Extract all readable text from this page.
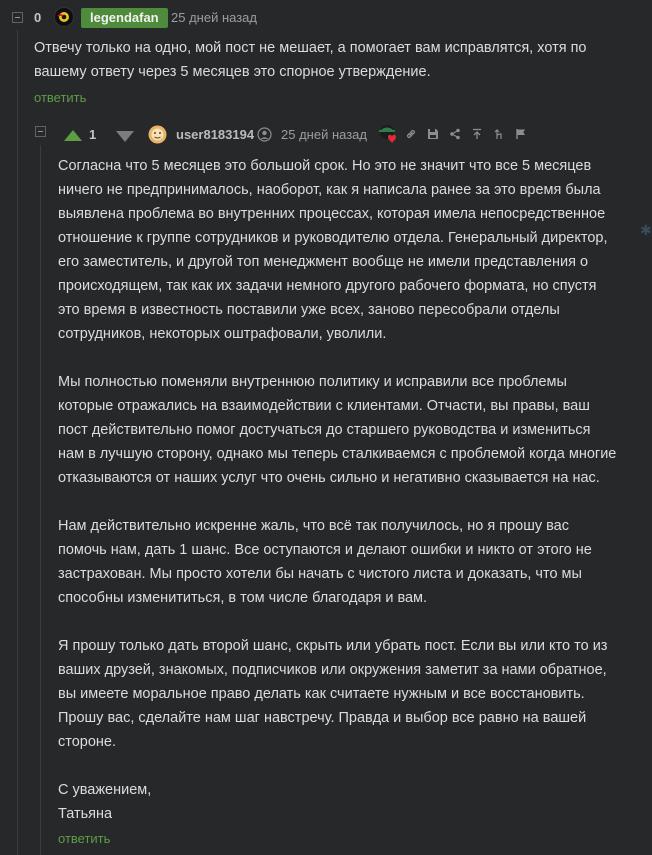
0	legendafan 25 дней назад
Отвечу только на одно, мой пост не мешает, а помогает вам исправлятся, хотя по вашему ответу через 5 месяцев это спорное утверждение.
ответить
1	user8183194 25 дней назад

Согласна что 5 месяцев это большой срок. Но это не значит что все 5 месяцев ничего не предпринималось, наоборот, как я написала ранее за это время была выявлена проблема во внутренних процессах, которая имела непосредственное отношение к группе сотрудников и руководителю отдела. Генеральный директор, его заместитель, и другой топ менеджмент вообще не имели представления о происходящем, так как их задачи немного другого рабочего формата, но спустя это время в известность поставили уже всех, заново пересобрали отделы сотрудников, некоторых оштрафовали, уволили.

Мы полностью поменяли внутреннюю политику и исправили все проблемы которые отражались на взаимодействии с клиентами. Отчасти, вы правы, ваш пост действительно помог достучаться до старшего руководства и измениться нам в лучшую сторону, однако мы теперь сталкиваемся с проблемой когда многие отказываются от наших услуг что очень сильно и негативно сказывается на нас.

Нам действительно искренне жаль, что всё так получилось, но я прошу вас помочь нам, дать 1 шанс. Все оступаются и делают ошибки и никто от этого не застрахован. Мы просто хотели бы начать с чистого листа и доказать, что мы способны изменититься, в том числе благодаря и вам.

Я прошу только дать второй шанс, скрыть или убрать пост. Если вы или кто то из ваших друзей, знакомых, подписчиков или окружения заметит за нами обратное, вы имеете моральное право делать как считаете нужным и все восстановить. Прошу вас, сделайте нам шаг навстречу. Правда и выбор все равно на вашей стороне.

С уважением,
Татьяна

ответить
✱
